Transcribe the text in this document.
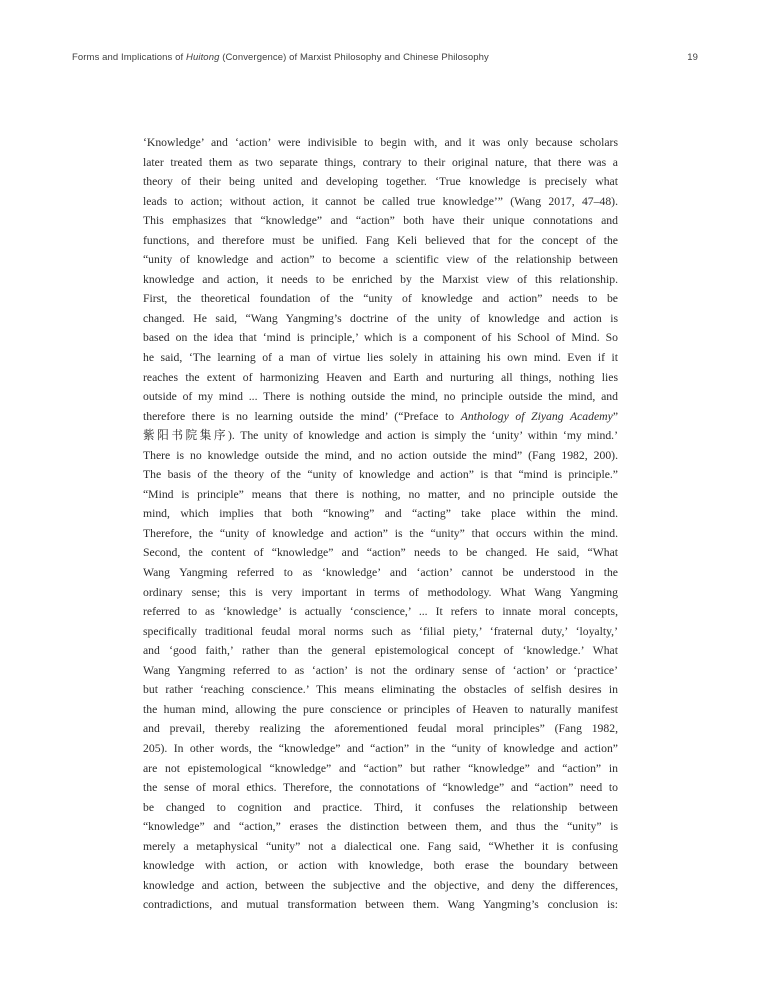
Forms and Implications of Huitong (Convergence) of Marxist Philosophy and Chinese Philosophy	19
‘Knowledge’ and ‘action’ were indivisible to begin with, and it was only because scholars
later treated them as two separate things, contrary to their original nature, that there was a
theory of their being united and developing together. ‘True knowledge is precisely what
leads to action; without action, it cannot be called true knowledge’” (Wang 2017, 47–48).
This emphasizes that “knowledge” and “action” both have their unique connotations and
functions, and therefore must be unified. Fang Keli believed that for the concept of the
“unity of knowledge and action” to become a scientific view of the relationship between
knowledge and action, it needs to be enriched by the Marxist view of this relationship.
First, the theoretical foundation of the “unity of knowledge and action” needs to be
changed. He said, “Wang Yangming’s doctrine of the unity of knowledge and action is
based on the idea that ‘mind is principle,’ which is a component of his School of Mind. So
he said, ‘The learning of a man of virtue lies solely in attaining his own mind. Even if it
reaches the extent of harmonizing Heaven and Earth and nurturing all things, nothing lies
outside of my mind ... There is nothing outside the mind, no principle outside the mind, and
therefore there is no learning outside the mind’ (“Preface to Anthology of Ziyang Academy”
紫阳书院集序). The unity of knowledge and action is simply the ‘unity’ within ‘my mind.’
There is no knowledge outside the mind, and no action outside the mind” (Fang 1982, 200).
The basis of the theory of the “unity of knowledge and action” is that “mind is principle.”
“Mind is principle” means that there is nothing, no matter, and no principle outside the
mind, which implies that both “knowing” and “acting” take place within the mind.
Therefore, the “unity of knowledge and action” is the “unity” that occurs within the mind.
Second, the content of “knowledge” and “action” needs to be changed. He said, “What
Wang Yangming referred to as ‘knowledge’ and ‘action’ cannot be understood in the
ordinary sense; this is very important in terms of methodology. What Wang Yangming
referred to as ‘knowledge’ is actually ‘conscience,’ ... It refers to innate moral concepts,
specifically traditional feudal moral norms such as ‘filial piety,’ ‘fraternal duty,’ ‘loyalty,’
and ‘good faith,’ rather than the general epistemological concept of ‘knowledge.’ What
Wang Yangming referred to as ‘action’ is not the ordinary sense of ‘action’ or ‘practice’
but rather ‘reaching conscience.’ This means eliminating the obstacles of selfish desires in
the human mind, allowing the pure conscience or principles of Heaven to naturally manifest
and prevail, thereby realizing the aforementioned feudal moral principles” (Fang 1982,
205). In other words, the “knowledge” and “action” in the “unity of knowledge and action”
are not epistemological “knowledge” and “action” but rather “knowledge” and “action” in
the sense of moral ethics. Therefore, the connotations of “knowledge” and “action” need to
be changed to cognition and practice. Third, it confuses the relationship between
“knowledge” and “action,” erases the distinction between them, and thus the “unity” is
merely a metaphysical “unity” not a dialectical one. Fang said, “Whether it is confusing
knowledge with action, or action with knowledge, both erase the boundary between
knowledge and action, between the subjective and the objective, and deny the differences,
contradictions, and mutual transformation between them. Wang Yangming’s conclusion is:
